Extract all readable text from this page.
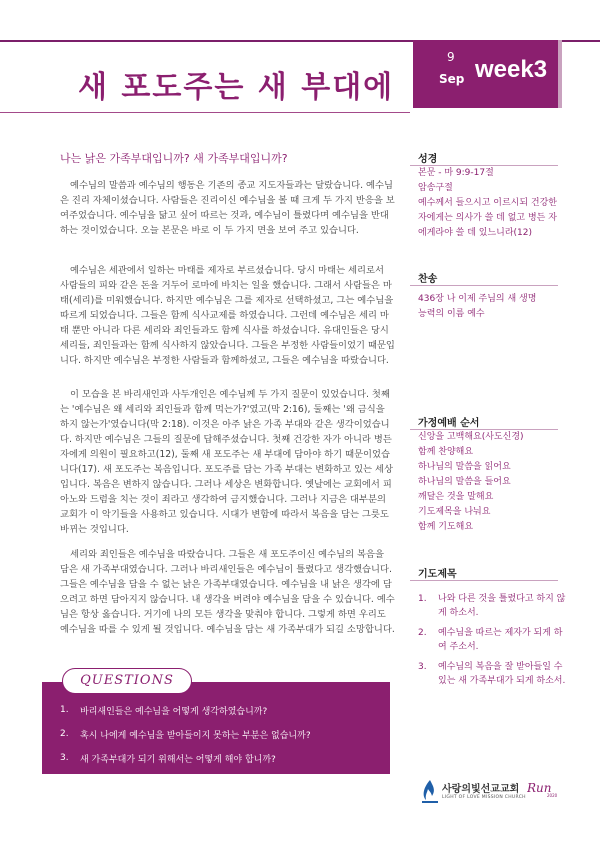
새 포도주는 새 부대에
9
Sep week3
나는 낡은 가족부대입니까? 새 가족부대입니까?

예수님의 말씀과 예수님의 행동은 기존의 종교 지도자들과는 달랐습니다. 예수님은 진리 자체이셨습니다. 사람들은 진리이신 예수님을 볼 때 크게 두 가지 반응을 보여주었습니다. 예수님을 닮고 싶어 따르는 것과, 예수님이 틀렸다며 예수님을 반대하는 것이었습니다. 오늘 본문은 바로 이 두 가지 면을 보여 주고 있습니다.

예수님은 세관에서 일하는 마태를 제자로 부르셨습니다. 당시 마태는 세리로서 사람들의 피와 같은 돈을 거두어 로마에 바치는 일을 했습니다. 그래서 사람들은 마태(세리)를 미워했습니다. 하지만 예수님은 그를 제자로 선택하셨고, 그는 예수님을 따르게 되었습니다. 그들은 함께 식사교제를 하였습니다. 그런데 예수님은 세리 마태 뿐만 아니라 다른 세리와 죄인들과도 함께 식사를 하셨습니다. 유대인들은 당시 세리들, 죄인들과는 함께 식사하지 않았습니다. 그들은 부정한 사람들이었기 때문입니다. 하지만 예수님은 부정한 사람들과 함께하셨고, 그들은 예수님을 따랐습니다.

이 모습을 본 바리새인과 사두개인은 예수님께 두 가지 질문이 있었습니다. 첫째는 '예수님은 왜 세리와 죄인들과 함께 먹는가?'였고(막 2:16), 둘째는 '왜 금식을 하지 않는가'였습니다(막 2:18). 이것은 아주 낡은 가족 부대와 같은 생각이었습니다. 하지만 예수님은 그들의 질문에 답해주셨습니다. 첫째 건강한 자가 아니라 병든 자에게 의원이 필요하고(12), 둘째 새 포도주는 새 부대에 담아야 하기 때문이었습니다(17). 새 포도주는 복음입니다. 포도주를 담는 가족 부대는 변화하고 있는 세상입니다. 복음은 변하지 않습니다. 그러나 세상은 변화합니다. 옛날에는 교회에서 피아노와 드럼을 치는 것이 죄라고 생각하여 금지했습니다. 그러나 지금은 대부분의 교회가 이 악기들을 사용하고 있습니다. 시대가 변함에 따라서 복음을 담는 그릇도 바뀌는 것입니다.

세리와 죄인들은 예수님을 따랐습니다. 그들은 새 포도주이신 예수님의 복음을 담은 새 가족부대였습니다. 그러나 바리새인들은 예수님이 틀렸다고 생각했습니다. 그들은 예수님을 담을 수 없는 낡은 가족부대였습니다. 예수님을 내 낡은 생각에 담으려고 하면 담아지지 않습니다. 내 생각을 버려야 예수님을 담을 수 있습니다. 예수님은 항상 옳습니다. 거기에 나의 모든 생각을 맞춰야 합니다. 그렇게 하면 우리도 예수님을 따를 수 있게 될 것입니다. 예수님을 담는 새 가족부대가 되길 소망합니다.

성경
본문 - 마 9:9-17절
암송구절
예수께서 들으시고 이르시되 건강한 자에게는 의사가 쓸 데 없고 병든 자에게라야 쓸 데 있느니라(12)
찬송
436장 나 이제 주님의 새 생명
능력의 이름 예수
가정예배 순서
신앙을 고백해요(사도신경)
함께 찬양해요
하나님의 말씀을 읽어요
하나님의 말씀을 들어요
깨달은 것을 말해요
기도제목을 나눠요
함께 기도해요
기도제목
1.	나와 다른 것을 틀렸다고 하지 않게 하소서.
2.	예수님을 따르는 제자가 되게 하여 주소서.
3.	예수님의 복음을 잘 받아들일 수 있는 새 가족부대가 되게 하소서.
QUESTIONS
1.	바리새인들은 예수님을 어떻게 생각하였습니까?
2.	혹시 나에게 예수님을 받아들이지 못하는 부분은 없습니까?
3.	새 가족부대가 되기 위해서는 어떻게 해야 합니까?
사랑의빛선교교회
LIGHT OF LOVE MISSION CHURCH
Run
2020
